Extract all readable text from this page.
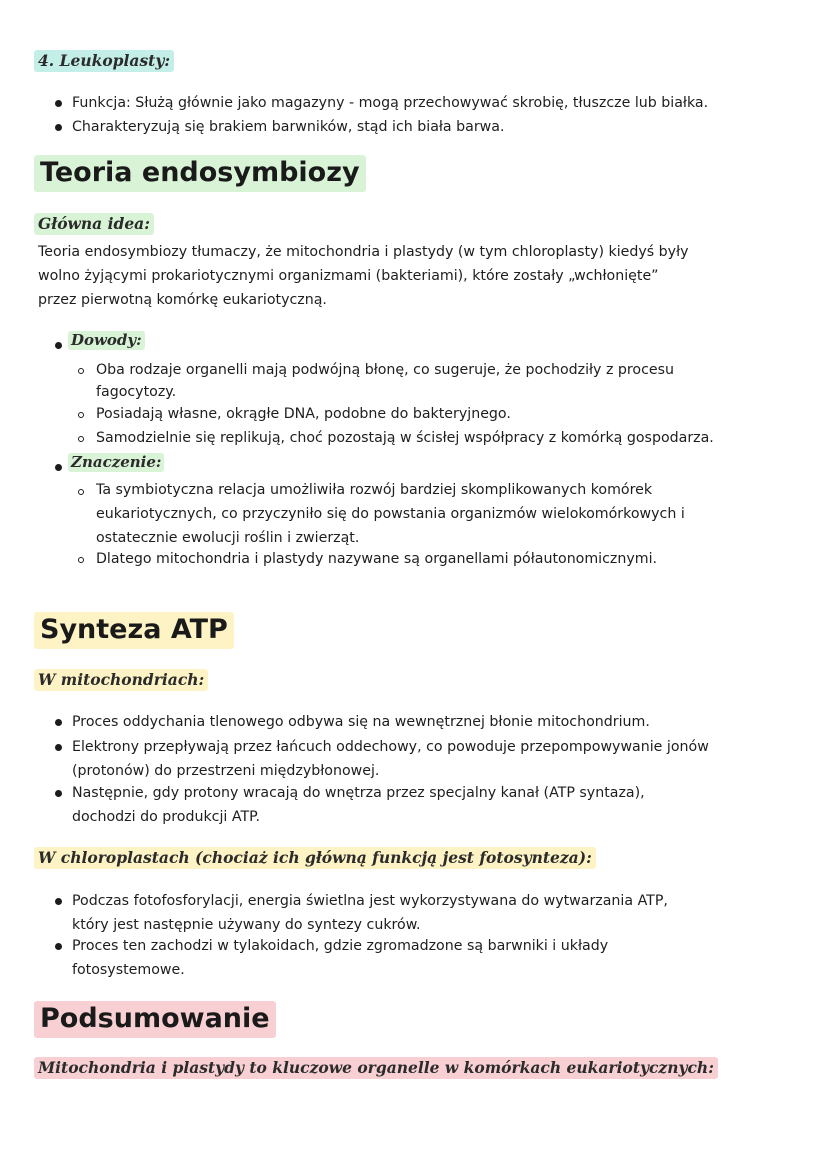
4. Leukoplasty:
Funkcja: Służą głównie jako magazyny - mogą przechowywać skrobię, tłuszcze lub białka.
Charakteryzują się brakiem barwników, stąd ich biała barwa.
Teoria endosymbiozy
Główna idea:
Teoria endosymbiozy tłumaczy, że mitochondria i plastydy (w tym chloroplasty) kiedyś były
wolno żyjącymi prokariotycznymi organizmami (bakteriami), które zostały „wchłonięte”
przez pierwotną komórkę eukariotyczną.
Dowody:
Oba rodzaje organelli mają podwójną błonę, co sugeruje, że pochodziły z procesu
fagocytozy.
Posiadają własne, okrągłe DNA, podobne do bakteryjnego.
Samodzielnie się replikują, choć pozostają w ścisłej współpracy z komórką gospodarza.
Znaczenie:
Ta symbiotyczna relacja umożliwiła rozwój bardziej skomplikowanych komórek
eukariotycznych, co przyczyniło się do powstania organizmów wielokomórkowych i
ostatecznie ewolucji roślin i zwierząt.
Dlatego mitochondria i plastydy nazywane są organellami półautonomicznymi.
Synteza ATP
W mitochondriach:
Proces oddychania tlenowego odbywa się na wewnętrznej błonie mitochondrium.
Elektrony przepływają przez łańcuch oddechowy, co powoduje przepompowywanie jonów
(protonów) do przestrzeni międzybłonowej.
Następnie, gdy protony wracają do wnętrza przez specjalny kanał (ATP syntaza),
dochodzi do produkcji ATP.
W chloroplastach (chociaż ich główną funkcją jest fotosynteza):
Podczas fotofosforylacji, energia świetlna jest wykorzystywana do wytwarzania ATP,
który jest następnie używany do syntezy cukrów.
Proces ten zachodzi w tylakoidach, gdzie zgromadzone są barwniki i układy
fotosystemowe.
Podsumowanie
Mitochondria i plastydy to kluczowe organelle w komórkach eukariotycznych:
